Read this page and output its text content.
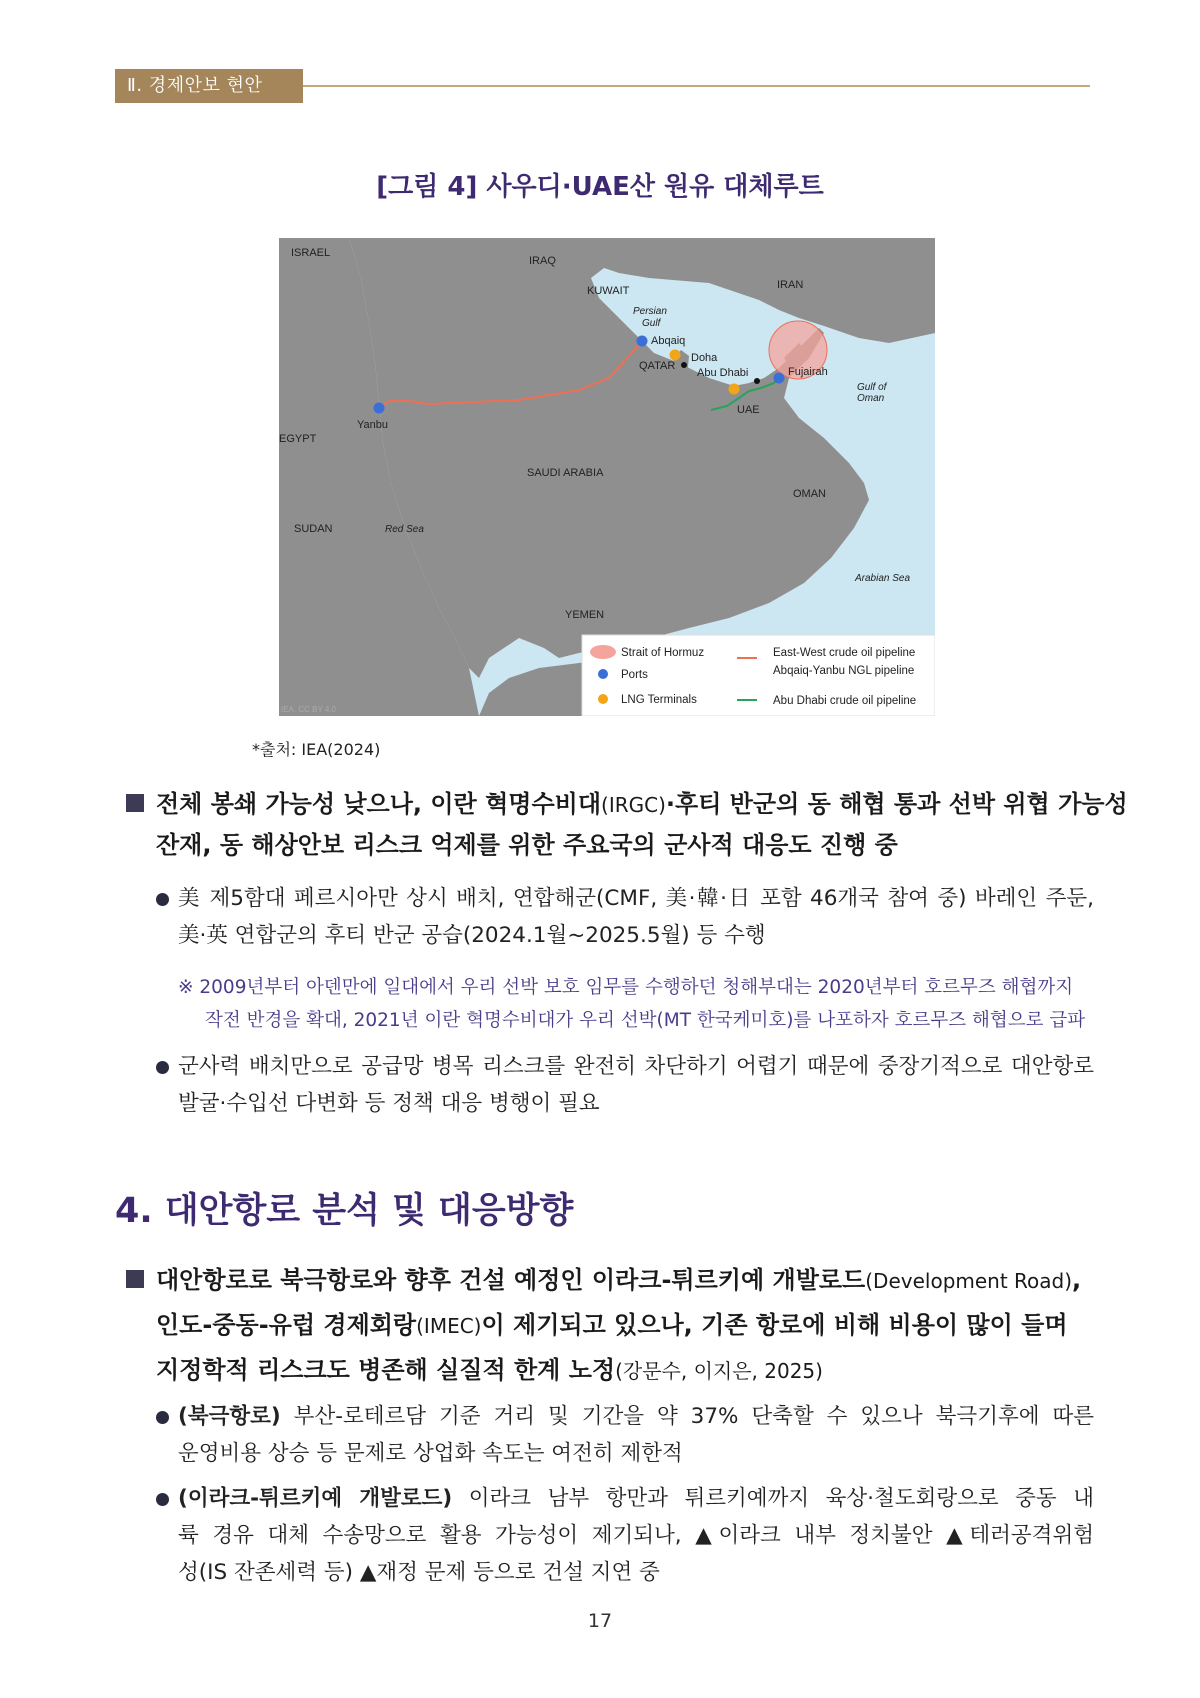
Ⅱ. 경제안보 현안
[그림 4] 사우디·UAE산 원유 대체루트
ISRAEL
IRAQ
KUWAIT	IRAN
Persian
Gulf
Abqaiq
QATAR
Doha
Abu Dhabi	Fujairah
Gulf of
Oman
UAE
Yanbu
EGYPT
SAUDI ARABIA
OMAN
SUDAN	Red Sea
Arabian Sea
YEMEN
IEA. CC BY 4.0
Strait of Hormuz
Ports
LNG Terminals
East-West crude oil pipeline
Abqaiq-Yanbu NGL pipeline
Abu Dhabi crude oil pipeline
*출처: IEA(2024)
전체 봉쇄 가능성 낮으나, 이란 혁명수비대(IRGC)·후티 반군의 동 해협 통과 선박 위협 가능성
잔재, 동 해상안보 리스크 억제를 위한 주요국의 군사적 대응도 진행 중
美 제5함대 페르시아만 상시 배치, 연합해군(CMF, 美·韓·日 포함 46개국 참여 중) 바레인 주둔,
美·英 연합군의 후티 반군 공습(2024.1월~2025.5월) 등 수행
※ 2009년부터 아덴만에 일대에서 우리 선박 보호 임무를 수행하던 청해부대는 2020년부터 호르무즈 해협까지
작전 반경을 확대, 2021년 이란 혁명수비대가 우리 선박(MT 한국케미호)를 나포하자 호르무즈 해협으로 급파
군사력 배치만으로 공급망 병목 리스크를 완전히 차단하기 어렵기 때문에 중장기적으로 대안항로
발굴·수입선 다변화 등 정책 대응 병행이 필요
4. 대안항로 분석 및 대응방향
대안항로로 북극항로와 향후 건설 예정인 이라크-튀르키예 개발로드(Development Road),
인도-중동-유럽 경제회랑(IMEC)이 제기되고 있으나, 기존 항로에 비해 비용이 많이 들며
지정학적 리스크도 병존해 실질적 한계 노정(강문수, 이지은, 2025)
(북극항로) 부산-로테르담 기준 거리 및 기간을 약 37% 단축할 수 있으나 북극기후에 따른
운영비용 상승 등 문제로 상업화 속도는 여전히 제한적
(이라크-튀르키예 개발로드) 이라크 남부 항만과 튀르키예까지 육상·철도회랑으로 중동 내
륙 경유 대체 수송망으로 활용 가능성이 제기되나, ▲이라크 내부 정치불안 ▲테러공격위험
성(IS 잔존세력 등) ▲재정 문제 등으로 건설 지연 중
17
